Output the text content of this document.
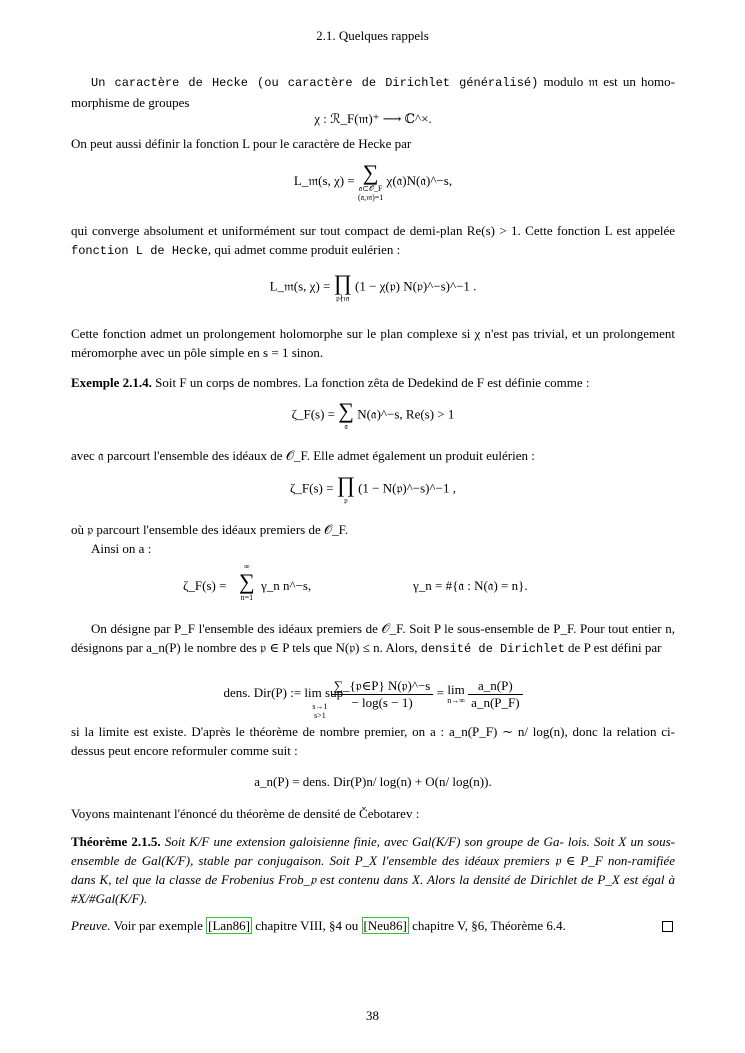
2.1. Quelques rappels
Un caractère de Hecke (ou caractère de Dirichlet généralisé) modulo 𝔪 est un homo- morphisme de groupes
χ : ℛ_F(𝔪)⁺ ⟶ ℂ^×.
On peut aussi définir la fonction L pour le caractère de Hecke par
L_𝔪(s, χ) = ∑
𝔞⊂𝒪_F
(𝔞,𝔪)=1
χ(𝔞)N(𝔞)^−s,
qui converge absolument et uniformément sur tout compact de demi-plan Re(s) > 1. Cette fonction L est appelée fonction L de Hecke, qui admet comme produit eulérien :
L_𝔪(s, χ) = ∏
𝔭∤𝔪
(1 − χ(𝔭) N(𝔭)^−s)^−1 .
Cette fonction admet un prolongement holomorphe sur le plan complexe si χ n'est pas trivial, et un prolongement méromorphe avec un pôle simple en s = 1 sinon.
Exemple 2.1.4. Soit F un corps de nombres. La fonction zêta de Dedekind de F est définie comme :
ζ_F(s) = ∑
𝔞
N(𝔞)^−s, Re(s) > 1
avec 𝔞 parcourt l'ensemble des idéaux de 𝒪_F. Elle admet également un produit eulérien :
ζ_F(s) = ∏
𝔭
(1 − N(𝔭)^−s)^−1 ,
où 𝔭 parcourt l'ensemble des idéaux premiers de 𝒪_F.
Ainsi on a :
ζ_F(s) =
∞
∑
n=1
γ_n n^−s,	γ_n = #{𝔞 : N(𝔞) = n}.
On désigne par P_F l'ensemble des idéaux premiers de 𝒪_F. Soit P le sous-ensemble de P_F. Pour tout entier n, désignons par a_n(P) le nombre des 𝔭 ∈ P tels que N(𝔭) ≤ n. Alors, densité de Dirichlet de P est défini par
dens. Dir(P) := lim sup
s→1
s>1

$\frac{\text{∑\_\{𝔭∈P\} N(𝔭)\textasciicircum{}−s}}{- \log(s - 1)} = \lim$
n→∞
$\frac{a\_n(P)}{a\_n(P\_F)}$
si la limite est existe. D'après le théorème de nombre premier, on a : a_n(P_F) ∼ n/ log(n), donc la relation ci-dessus peut encore reformuler comme suit :
a_n(P) = dens. Dir(P)n/ log(n) + O(n/ log(n)).
Voyons maintenant l'énoncé du théorème de densité de Čebotarev :
Théorème 2.1.5. Soit K/F une extension galoisienne finie, avec Gal(K/F) son groupe de Ga- lois. Soit X un sous-ensemble de Gal(K/F), stable par conjugaison. Soit P_X l'ensemble des idéaux premiers 𝔭 ∈ P_F non-ramifiée dans K, tel que la classe de Frobenius Frob_𝔭 est contenu dans X. Alors la densité de Dirichlet de P_X est égal à #X/#Gal(K/F).
Preuve. Voir par exemple [Lan86] chapitre VIII, §4 ou [Neu86] chapitre V, §6, Théorème 6.4.
38
